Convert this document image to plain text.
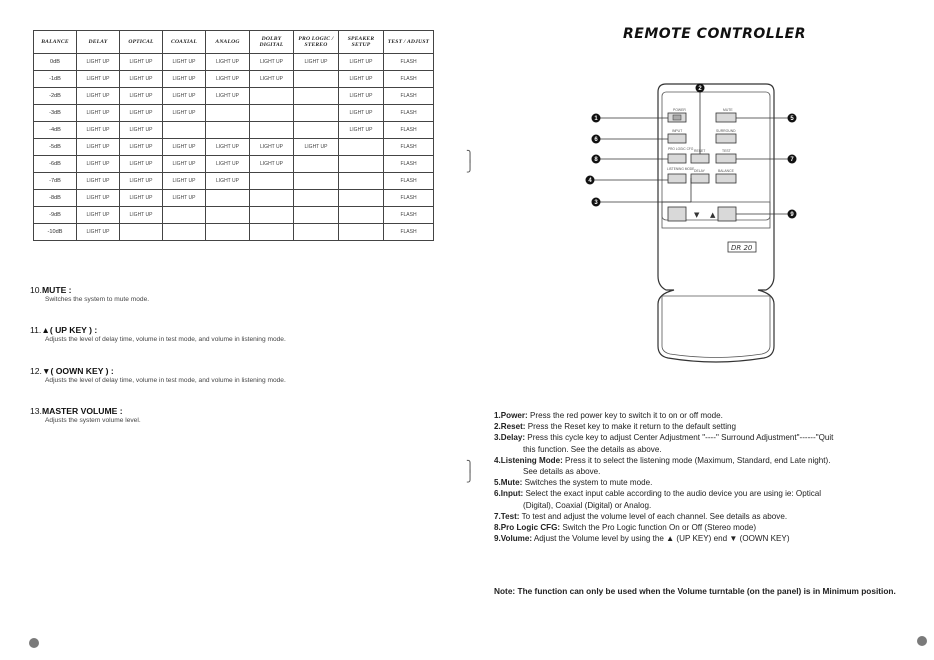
BALANCE	DELAY	OPTICAL	COAXIAL	ANALOG	DOLBY DIGITAL	PRO LOGIC / STEREO	SPEAKER SETUP	TEST / ADJUST
0dB	LIGHT UP	LIGHT UP	LIGHT UP	LIGHT UP	LIGHT UP	LIGHT UP	LIGHT UP	FLASH
-1dB	LIGHT UP	LIGHT UP	LIGHT UP	LIGHT UP	LIGHT UP		LIGHT UP	FLASH
-2dB	LIGHT UP	LIGHT UP	LIGHT UP	LIGHT UP			LIGHT UP	FLASH
-3dB	LIGHT UP	LIGHT UP	LIGHT UP				LIGHT UP	FLASH
-4dB	LIGHT UP	LIGHT UP					LIGHT UP	FLASH
-5dB	LIGHT UP	LIGHT UP	LIGHT UP	LIGHT UP	LIGHT UP	LIGHT UP		FLASH
-6dB	LIGHT UP	LIGHT UP	LIGHT UP	LIGHT UP	LIGHT UP			FLASH
-7dB	LIGHT UP	LIGHT UP	LIGHT UP	LIGHT UP				FLASH
-8dB	LIGHT UP	LIGHT UP	LIGHT UP					FLASH
-9dB	LIGHT UP	LIGHT UP						FLASH
-10dB	LIGHT UP							FLASH
10.MUTE :
Switches the system to mute mode.
11.▲( UP KEY ) :
Adjusts the level of delay time, volume in test mode, and volume in listening mode.
12.▼( OOWN KEY ) :
Adjusts the level of delay time, volume in test mode, and volume in listening mode.
13.MASTER VOLUME :
Adjusts the system volume level.
⎫
⎭
⎫
⎭
REMOTE CONTROLLER
POWER	MUTE
INPUT	SURROUND
PRO LOGIC CFG RESET	TEST
LISTENING MODE DELAY	BALANCE
▼ ▲
DR 20
1
2
3
4
5
6
7
8
9
1.Power: Press the red power key to switch it to on or off mode.
2.Reset: Press the Reset key to make it return to the default setting
3.Delay: Press this cycle key to adjust Center Adjustment "----" Surround Adjustment"------"Quit
this function. See the details as above.
4.Listening Mode: Press it to select the listening mode (Maximum, Standard, end Late night).
See details as above.
5.Mute: Switches the system to mute mode.
6.Input: Select the exact input cable according to the audio device you are using ie: Optical
(Digital), Coaxial (Digital) or Analog.
7.Test: To test and adjust the volume level of each channel. See details as above.
8.Pro Logic CFG: Switch the Pro Logic function On or Off (Stereo mode)
9.Volume: Adjust the Volume level by using the ▲ (UP KEY) end ▼ (OOWN KEY)
Note: The function can only be used when the Volume turntable (on the panel) is in Minimum position.
